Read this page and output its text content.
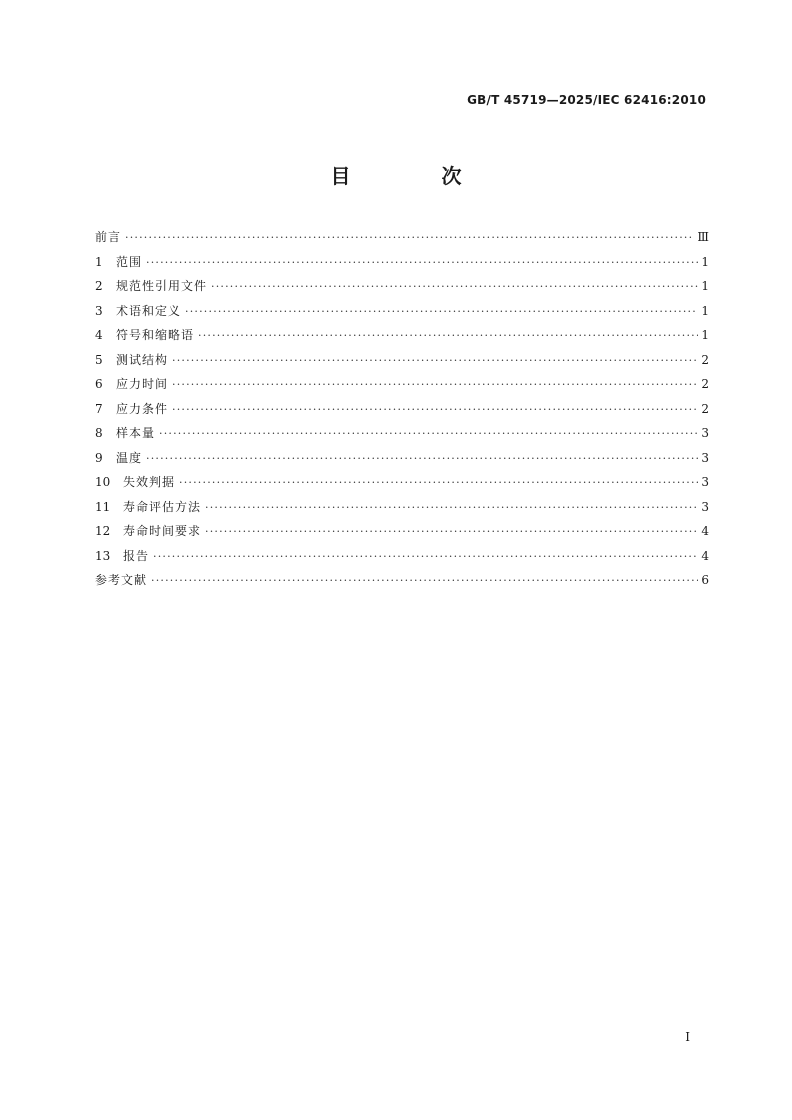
GB/T 45719—2025/IEC 62416:2010
目 次
前言 ·····	Ⅲ
1	范围 ·····	1
2	规范性引用文件 ·····	1
3	术语和定义 ·····	1
4	符号和缩略语 ·····	1
5	测试结构 ·····	2
6	应力时间 ·····	2
7	应力条件 ·····	2
8	样本量 ·····	3
9	温度 ·····	3
10	失效判据 ·····	3
11	寿命评估方法 ·····	3
12	寿命时间要求 ·····	4
13	报告 ·····	4
参考文献 ·····	6
I
